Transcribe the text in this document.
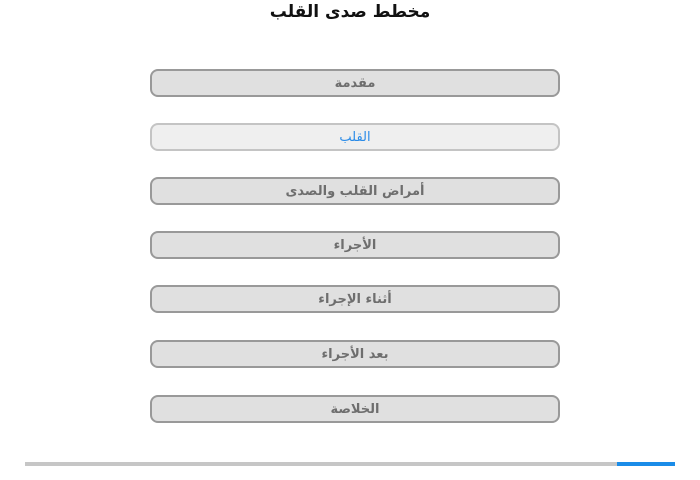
مخطط صدى القلب
مقدمة
القلب
أمراض القلب والصدى
الأجراء
أثناء الإجراء
بعد الأجراء
الخلاصة
